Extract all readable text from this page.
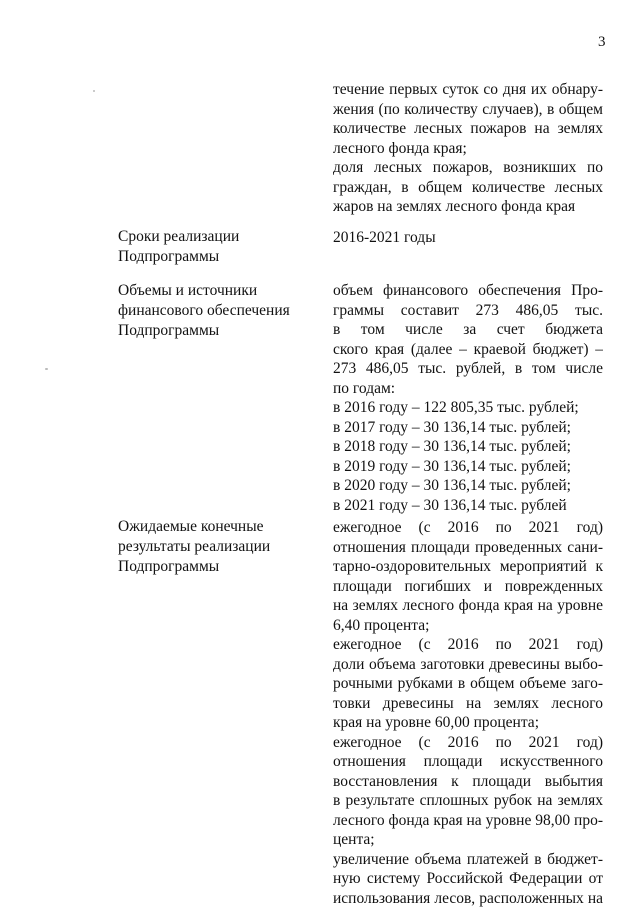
3
течение первых суток со дня их обнару-
жения (по количеству случаев), в общем
количестве лесных пожаров на землях
лесного фонда края;
доля лесных пожаров, возникших по
граждан, в общем количестве лесных
жаров на землях лесного фонда края
Сроки реализации
Подпрограммы
2016-2021 годы
Объемы и источники
финансового обеспечения
Подпрограммы
объем финансового обеспечения Про-
граммы составит 273 486,05 тыс.
в том числе за счет бюджета
ского края (далее – краевой бюджет) –
273 486,05 тыс. рублей, в том числе
по годам:
в 2016 году – 122 805,35 тыс. рублей;
в 2017 году – 30 136,14 тыс. рублей;
в 2018 году – 30 136,14 тыс. рублей;
в 2019 году – 30 136,14 тыс. рублей;
в 2020 году – 30 136,14 тыс. рублей;
в 2021 году – 30 136,14 тыс. рублей
Ожидаемые конечные
результаты реализации
Подпрограммы
ежегодное (с 2016 по 2021 год)
отношения площади проведенных сани-
тарно-оздоровительных мероприятий к
площади погибших и поврежденных
на землях лесного фонда края на уровне
6,40 процента;
ежегодное (с 2016 по 2021 год)
доли объема заготовки древесины выбо-
рочными рубками в общем объеме заго-
товки древесины на землях лесного
края на уровне 60,00 процента;
ежегодное (с 2016 по 2021 год)
отношения площади искусственного
восстановления к площади выбытия
в результате сплошных рубок на землях
лесного фонда края на уровне 98,00 про-
цента;
увеличение объема платежей в бюджет-
ную систему Российской Федерации от
использования лесов, расположенных на
